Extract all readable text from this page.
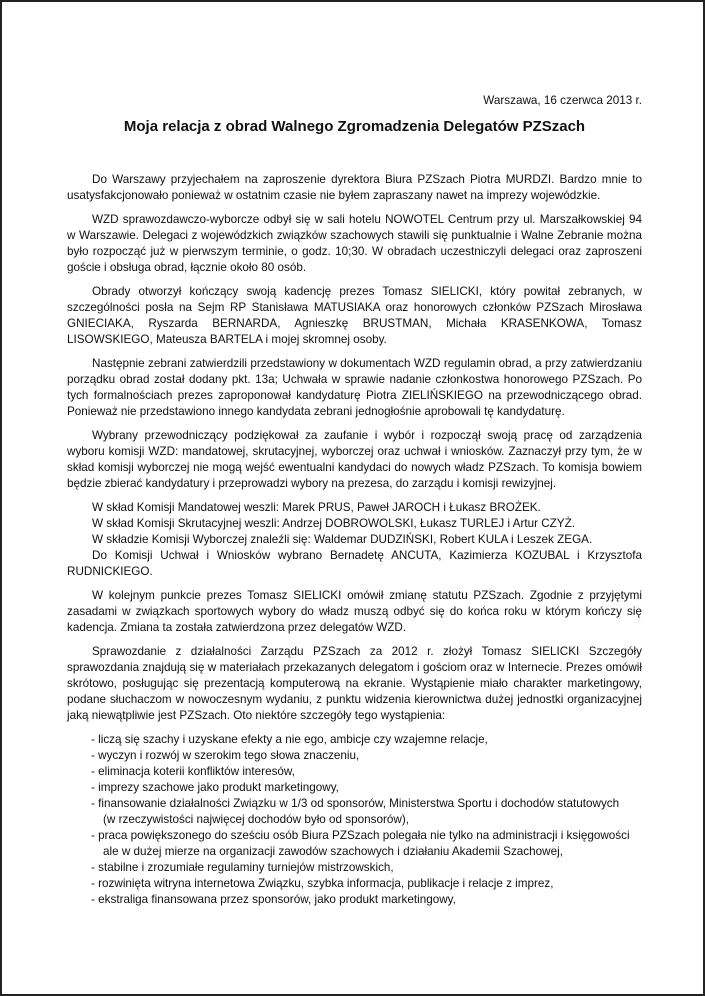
Warszawa, 16 czerwca 2013 r.

Moja relacja z obrad Walnego Zgromadzenia Delegatów PZSzach

Do Warszawy przyjechałem na zaproszenie dyrektora Biura PZSzach Piotra MURDZI. Bardzo mnie to usatysfakcjonowało ponieważ w ostatnim czasie nie byłem zapraszany nawet na imprezy wojewódzkie.

WZD sprawozdawczo-wyborcze odbył się w sali hotelu NOWOTEL Centrum przy ul. Marszałkowskiej 94 w Warszawie. Delegaci z wojewódzkich związków szachowych stawili się punktualnie i Walne Zebranie można było rozpocząć już w pierwszym terminie, o godz. 10;30. W obradach uczestniczyli delegaci oraz zaproszeni goście i obsługa obrad, łącznie około 80 osób.

Obrady otworzył kończący swoją kadencję prezes Tomasz SIELICKI, który powitał zebranych, w szczególności posła na Sejm RP Stanisława MATUSIAKA oraz honorowych członków PZSzach Mirosława GNIECIAKA, Ryszarda BERNARDA, Agnieszkę BRUSTMAN, Michała KRASENKOWA, Tomasz LISOWSKIEGO, Mateusza BARTELA i mojej skromnej osoby.

Następnie zebrani zatwierdzili przedstawiony w dokumentach WZD regulamin obrad, a przy zatwierdzaniu porządku obrad został dodany pkt. 13a; Uchwała w sprawie nadanie członkostwa honorowego PZSzach. Po tych formalnościach prezes zaproponował kandydaturę Piotra ZIELIŃSKIEGO na przewodniczącego obrad. Ponieważ nie przedstawiono innego kandydata zebrani jednogłośnie aprobowali tę kandydaturę.

Wybrany przewodniczący podziękował za zaufanie i wybór i rozpoczął swoją pracę od zarządzenia wyboru komisji WZD: mandatowej, skrutacyjnej, wyborczej oraz uchwał i wniosków. Zaznaczył przy tym, że w skład komisji wyborczej nie mogą wejść ewentualni kandydaci do nowych władz PZSzach. To komisja bowiem będzie zbierać kandydatury i przeprowadzi wybory na prezesa, do zarządu i komisji rewizyjnej.

W skład Komisji Mandatowej weszli: Marek PRUS, Paweł JAROCH i Łukasz BROŻEK.

W skład Komisji Skrutacyjnej weszli: Andrzej DOBROWOLSKI, Łukasz TURLEJ i Artur CZYŻ.

W składzie Komisji Wyborczej znaleźli się: Waldemar DUDZIŃSKI, Robert KULA i Leszek ZEGA.

Do Komisji Uchwał i Wniosków wybrano Bernadetę ANCUTA, Kazimierza KOZUBAL i Krzysztofa RUDNICKIEGO.

W kolejnym punkcie prezes Tomasz SIELICKI omówił zmianę statutu PZSzach. Zgodnie z przyjętymi zasadami w związkach sportowych wybory do władz muszą odbyć się do końca roku w którym kończy się kadencja. Zmiana ta została zatwierdzona przez delegatów WZD.

Sprawozdanie z działalności Zarządu PZSzach za 2012 r. złożył Tomasz SIELICKI Szczegóły sprawozdania znajdują się w materiałach przekazanych delegatom i gościom oraz w Internecie. Prezes omówił skrótowo, posługując się prezentacją komputerową na ekranie. Wystąpienie miało charakter marketingowy, podane słuchaczom w nowoczesnym wydaniu, z punktu widzenia kierownictwa dużej jednostki organizacyjnej jaką niewątpliwie jest PZSzach. Oto niektóre szczegóły tego wystąpienia:

- liczą się szachy i uzyskane efekty a nie ego, ambicje czy wzajemne relacje,
- wyczyn i rozwój w szerokim tego słowa znaczeniu,
- eliminacja koterii konfliktów interesów,
- imprezy szachowe jako produkt marketingowy,
- finansowanie działalności Związku w 1/3 od sponsorów, Ministerstwa Sportu i dochodów statutowych
(w rzeczywistości najwięcej dochodów było od sponsorów),
- praca powiększonego do sześciu osób Biura PZSzach polegała nie tylko na administracji i księgowości
ale w dużej mierze na organizacji zawodów szachowych i działaniu Akademii Szachowej,
- stabilne i zrozumiałe regulaminy turniejów mistrzowskich,
- rozwinięta witryna internetowa Związku, szybka informacja, publikacje i relacje z imprez,
- ekstraliga finansowana przez sponsorów, jako produkt marketingowy,
